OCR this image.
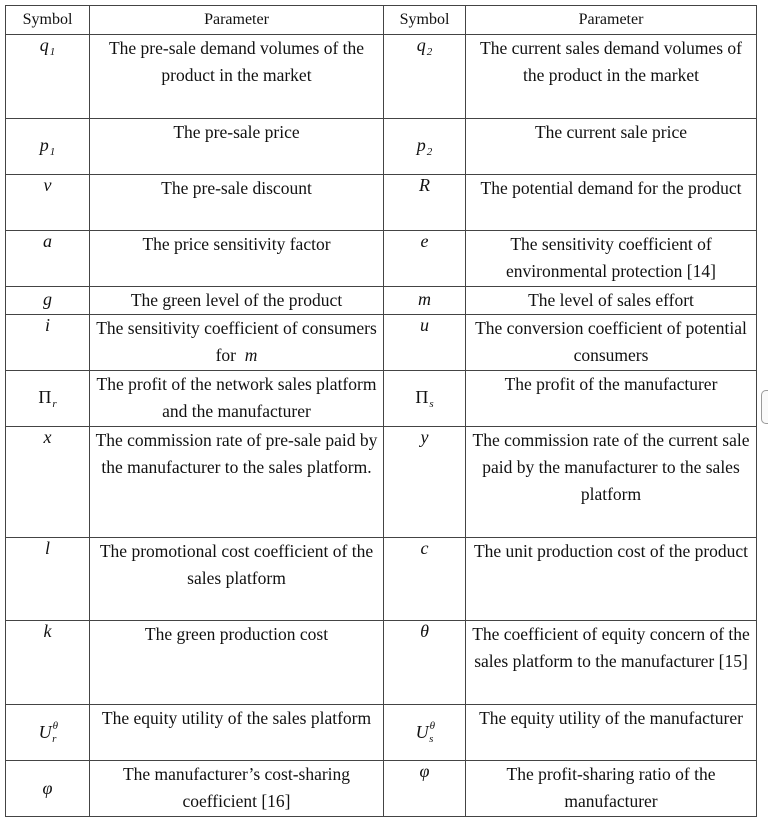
Symbol	Parameter	Symbol	Parameter
$q_1$	The pre-sale demand volumes of the product in the market	$q_2$	The current sales demand volumes of the product in the market
$p_1$	The pre-sale price	$p_2$	The current sale price
v	The pre-sale discount	R	The potential demand for the product
a	The price sensitivity factor	e	The sensitivity coefficient of environmental protection [14]
g	The green level of the product	m	The level of sales effort
i	The sensitivity coefficient of consumers for m	u	The conversion coefficient of potential consumers
$\Pi_r$	The profit of the network sales platform and the manufacturer	$\Pi_s$	The profit of the manufacturer
x	The commission rate of pre-sale paid by the manufacturer to the sales platform.	y	The commission rate of the current sale paid by the manufacturer to the sales platform
l	The promotional cost coefficient of the sales platform	c	The unit production cost of the product
k	The green production cost	θ	The coefficient of equity concern of the sales platform to the manufacturer [15]
$U^\theta_r$	The equity utility of the sales platform	$U^\theta_s$	The equity utility of the manufacturer
φ	The manufacturer’s cost-sharing coefficient [16]	φ	The profit-sharing ratio of the manufacturer
